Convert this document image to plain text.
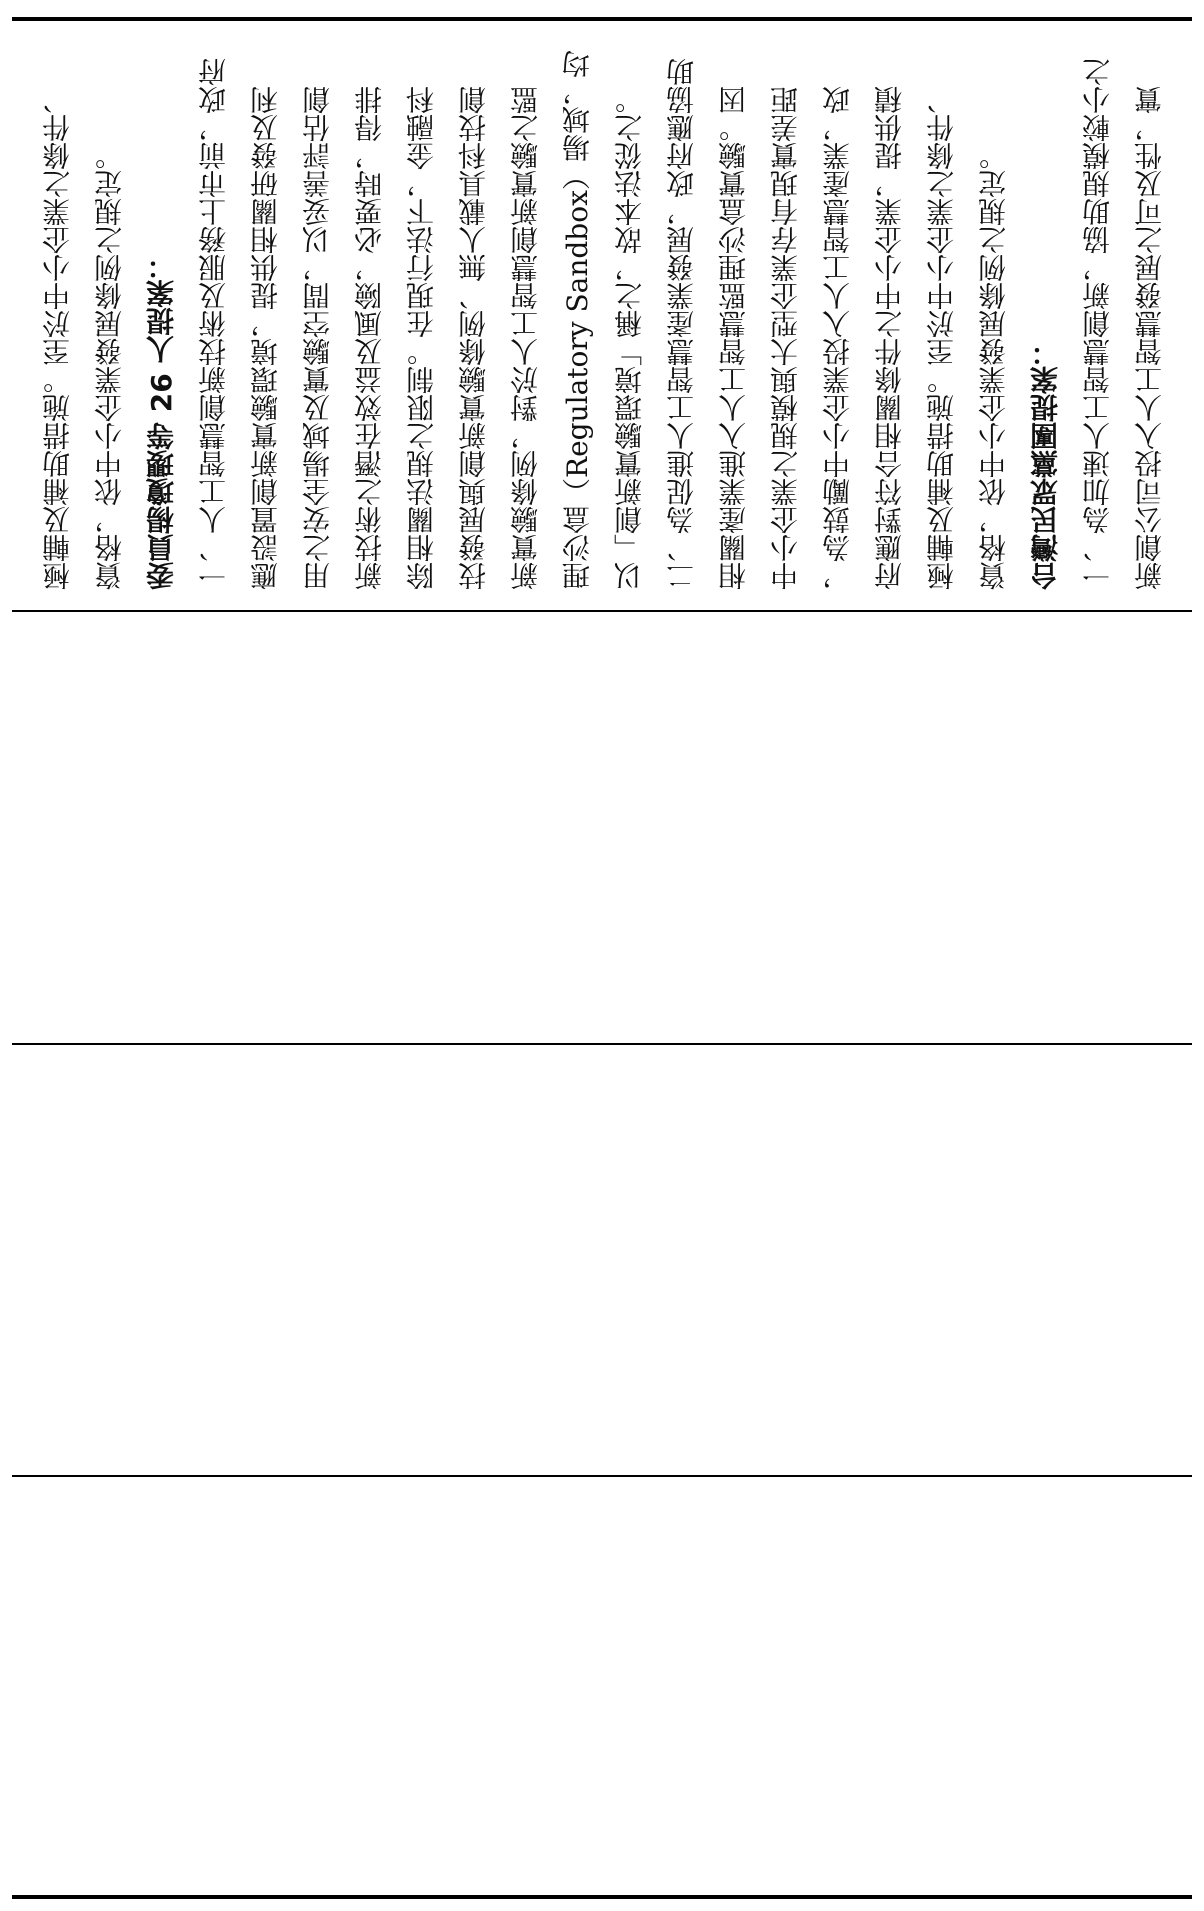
極輔及補助措施。至於中小企業之條件、 資格，依中小企業發展條例之規定。 委員楊瓊瓔等 26 人提案： 一、人工智慧創新技術及服務上市前，政府 應設置創新實驗環境，提供相關研發及利 用之安全場域及實驗空間，以妥善評估創 新技術之潛在效益及風險，必要時，得排 除相關法規之限制。在現行法下，金融科 技發展與創新實驗條例、無人載具科技創 新實驗條例，對於人工智慧創新實驗之監 理沙盒（Regulatory Sandbox）場域，均 以「創新實驗環境」稱之，故本法從之。 二、為促進人工智慧產業發展，政府應協助 相關產業進入人工智慧監理沙盒實驗。因 中小企業之規模與大型企業存有現實差距 ，為鼓勵中小企業投入人工智慧產業，政 府應對符合相關條件之中小企業，提供積 極輔及補助措施。至於中小企業之條件、 資格，依中小企業發展條例之規定。 台灣民眾黨團提案： 一、為加速人工智慧創新，協助規模較小之 新創公司投入人工智慧發展之可及性，實
